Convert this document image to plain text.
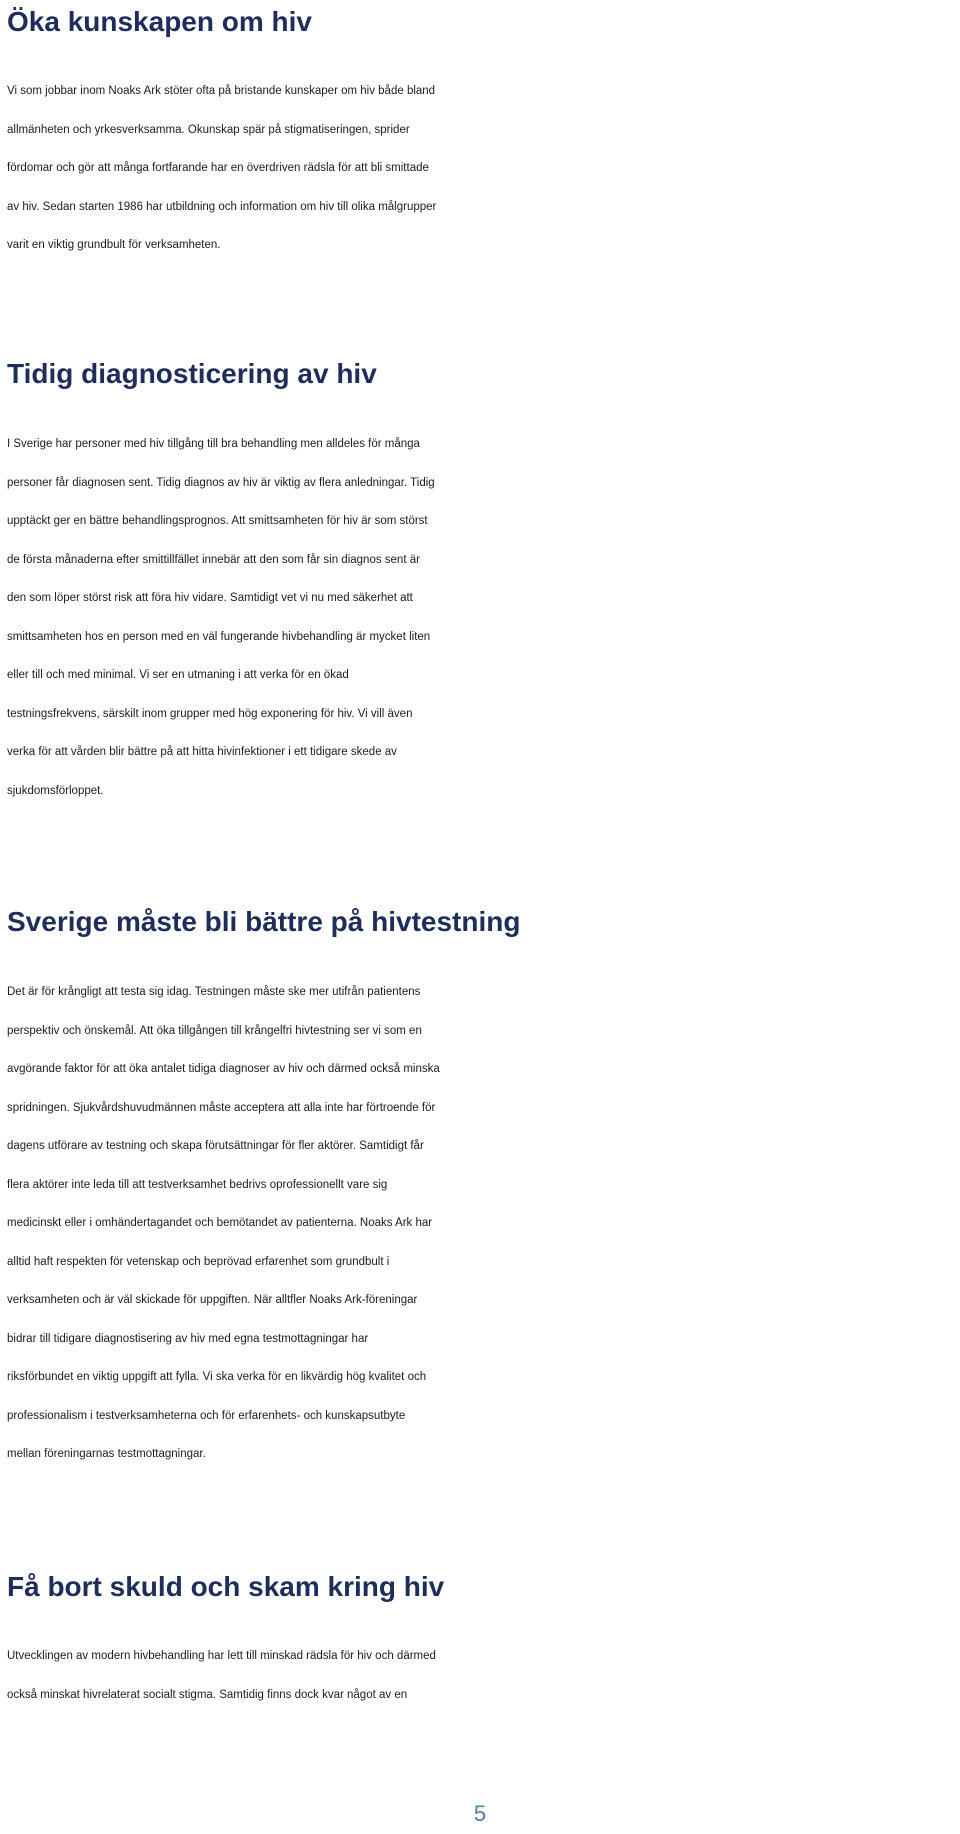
Öka kunskapen om hiv
Vi som jobbar inom Noaks Ark stöter ofta på bristande kunskaper om hiv både bland
allmänheten och yrkesverksamma. Okunskap spär på stigmatiseringen, sprider
fördomar och gör att många fortfarande har en överdriven rädsla för att bli smittade
av hiv. Sedan starten 1986 har utbildning och information om hiv till olika målgrupper
varit en viktig grundbult för verksamheten.
Tidig diagnosticering av hiv
I Sverige har personer med hiv tillgång till bra behandling men alldeles för många
personer får diagnosen sent. Tidig diagnos av hiv är viktig av flera anledningar. Tidig
upptäckt ger en bättre behandlingsprognos. Att smittsamheten för hiv är som störst
de första månaderna efter smittillfället innebär att den som får sin diagnos sent är
den som löper störst risk att föra hiv vidare. Samtidigt vet vi nu med säkerhet att
smittsamheten hos en person med en väl fungerande hivbehandling är mycket liten
eller till och med minimal. Vi ser en utmaning i att verka för en ökad
testningsfrekvens, särskilt inom grupper med hög exponering för hiv. Vi vill även
verka för att vården blir bättre på att hitta hivinfektioner i ett tidigare skede av
sjukdomsförloppet.
Sverige måste bli bättre på hivtestning
Det är för krångligt att testa sig idag. Testningen måste ske mer utifrån patientens
perspektiv och önskemål. Att öka tillgången till krångelfri hivtestning ser vi som en
avgörande faktor för att öka antalet tidiga diagnoser av hiv och därmed också minska
spridningen. Sjukvårdshuvudmännen måste acceptera att alla inte har förtroende för
dagens utförare av testning och skapa förutsättningar för fler aktörer. Samtidigt får
flera aktörer inte leda till att testverksamhet bedrivs oprofessionellt vare sig
medicinskt eller i omhändertagandet och bemötandet av patienterna. Noaks Ark har
alltid haft respekten för vetenskap och beprövad erfarenhet som grundbult i
verksamheten och är väl skickade för uppgiften. När alltfler Noaks Ark-föreningar
bidrar till tidigare diagnostisering av hiv med egna testmottagningar har
riksförbundet en viktig uppgift att fylla. Vi ska verka för en likvärdig hög kvalitet och
professionalism i testverksamheterna och för erfarenhets- och kunskapsutbyte
mellan föreningarnas testmottagningar.
Få bort skuld och skam kring hiv
Utvecklingen av modern hivbehandling har lett till minskad rädsla för hiv och därmed
också minskat hivrelaterat socialt stigma. Samtidig finns dock kvar något av en
5
